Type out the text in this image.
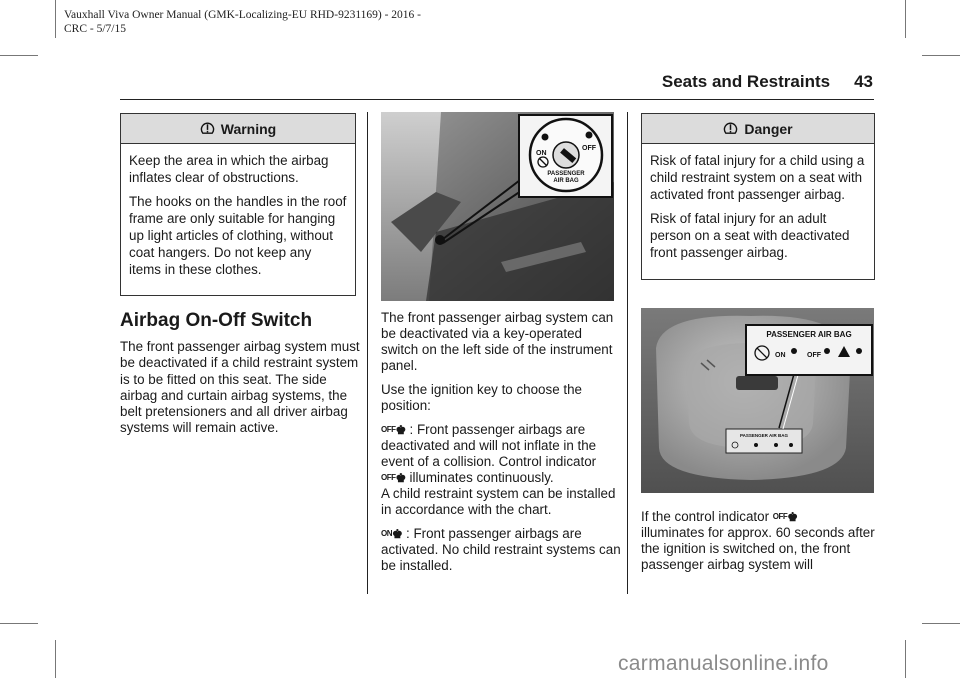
Vauxhall Viva Owner Manual (GMK-Localizing-EU RHD-9231169) - 2016 -
CRC - 5/7/15
Seats and Restraints 43
Warning

Keep the area in which the airbag inflates clear of obstructions.

The hooks on the handles in the roof frame are only suitable for hanging up light articles of clothing, without coat hangers. Do not keep any items in these clothes.

Airbag On-Off Switch

The front passenger airbag system must be deactivated if a child restraint system is to be fitted on this seat. The side airbag and curtain airbag systems, the belt pretensioners and all driver airbag systems will remain active.

ON
OFF
PASSENGER
AIR BAG

The front passenger airbag system can be deactivated via a key-operated switch on the left side of the instrument panel.

Use the ignition key to choose the position:

OFF♚ : Front passenger airbags are deactivated and will not inflate in the event of a collision. Control indicator OFF♚ illuminates continuously.

A child restraint system can be installed in accordance with the chart.

ON♚ : Front passenger airbags are activated. No child restraint systems can be installed.

Danger

Risk of fatal injury for a child using a child restraint system on a seat with activated front passenger airbag.

Risk of fatal injury for an adult person on a seat with deactivated front passenger airbag.

PASSENGER AIR BAG
PASSENGER AIR BAG
ON	OFF

If the control indicator OFF♚
illuminates for approx. 60 seconds after the ignition is switched on, the front passenger airbag system will

carmanualsonline.info
